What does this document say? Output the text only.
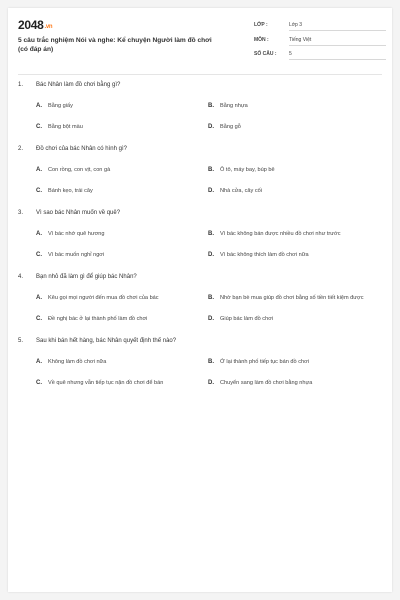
2048.vn
5 câu trắc nghiệm Nói và nghe: Kể chuyện Người làm đồ chơi (có đáp án)
LỚP :	Lớp 3
MÔN :	Tiếng Việt
SỐ CÂU :	5
1. Bác Nhân làm đồ chơi bằng gì?
A.	Bằng giấy	B.	Bằng nhựa
C.	Bằng bột màu	D.	Bằng gỗ
2. Đồ chơi của bác Nhân có hình gì?
A.	Con rồng, con vịt, con gà	B.	Ô tô, máy bay, búp bê
C.	Bánh kẹo, trái cây	D.	Nhà cửa, cây cối
3. Vì sao bác Nhân muốn về quê?
A.	Vì bác nhớ quê hương	B.	Vì bác không bán được nhiều đồ chơi như trước
C.	Vì bác muốn nghỉ ngơi	D.	Vì bác không thích làm đồ chơi nữa
4. Bạn nhỏ đã làm gì để giúp bác Nhân?
A.	Kêu gọi mọi người đến mua đồ chơi của bác	B.	Nhờ bạn bè mua giúp đồ chơi bằng số tiền tiết kiệm được
C.	Đề nghị bác ở lại thành phố làm đồ chơi	D.	Giúp bác làm đồ chơi
5. Sau khi bán hết hàng, bác Nhân quyết định thế nào?
A.	Không làm đồ chơi nữa	B.	Ở lại thành phố tiếp tục bán đồ chơi
C.	Về quê nhưng vẫn tiếp tục nặn đồ chơi để bán	D.	Chuyển sang làm đồ chơi bằng nhựa
